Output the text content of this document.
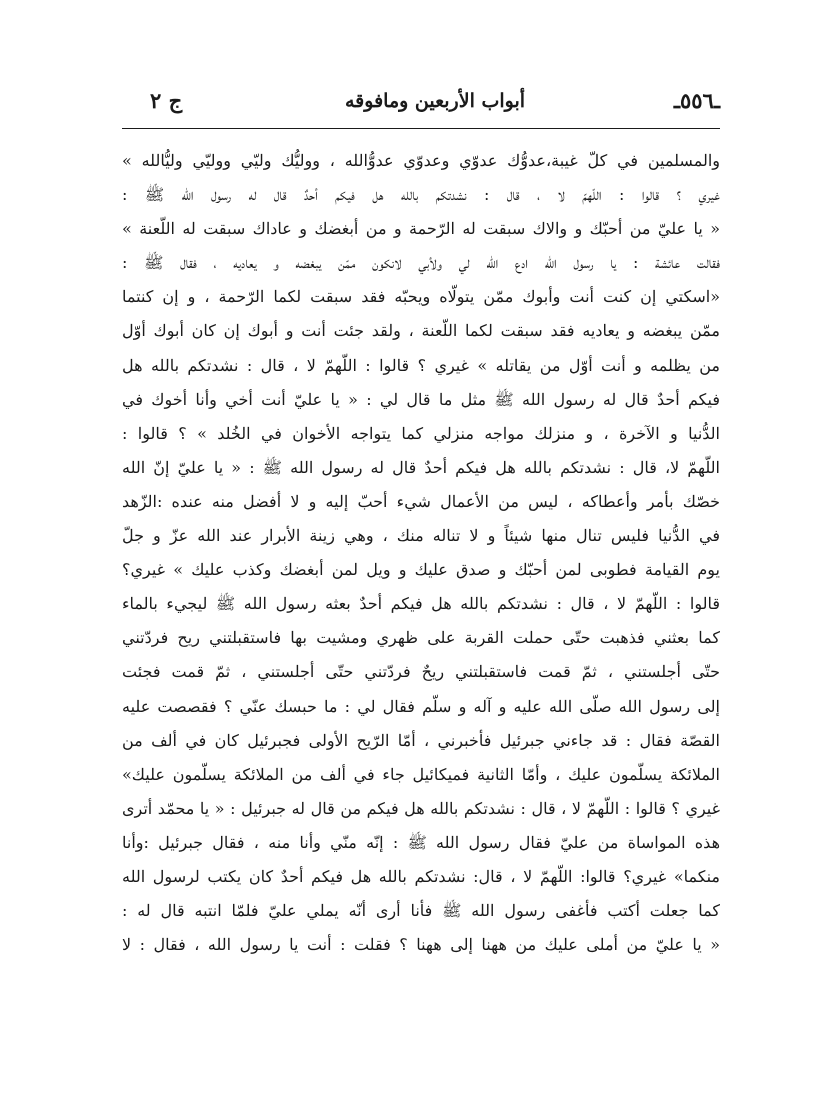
ـ٥٥٦ـ
أبواب الأربعين ومافوقه
ج ٢
والمسلمين في كلّ غيبة،عدوُّك عدوّي وعدوّي عدوُّالله ، ووليُّك وليّي ووليّي وليُّالله »
غيري ؟ قالوا : اللّهمّ لا ، قال : نشدتكم بالله هل فيكم أحدٌ قال له رسول الله ﷺ :
« يا عليّ من أحبّك و والاك سبقت له الرّحمة و من أبغضك و عاداك سبقت له اللّعنة »
فقالت عائشة : يا رسول الله ادع الله لي ولأبي لانكون ممّن يبغضه و يعاديه ، فقال ﷺ :
«اسكتي إن كنت أنت وأبوك ممّن يتولّاه ويحبّه فقد سبقت لكما الرّحمة ، و إن كنتما
ممّن يبغضه و يعاديه فقد سبقت لكما اللّعنة ، ولقد جئت أنت و أبوك إن كان أبوك أوّل
من يظلمه و أنت أوّل من يقاتله » غيري ؟ قالوا : اللّهمّ لا ، قال : نشدتكم بالله هل
فيكم أحدٌ قال له رسول الله ﷺ مثل ما قال لي : « يا عليّ أنت أخي وأنا أخوك في
الدُّنيا و الآخرة ، و منزلك مواجه منزلي كما يتواجه الأخوان في الخُلد » ؟ قالوا :
اللّهمّ لا، قال : نشدتكم بالله هل فيكم أحدٌ قال له رسول الله ﷺ : « يا عليّ إنّ الله
خصّك بأمر وأعطاكه ، ليس من الأعمال شيء أحبّ إليه و لا أفضل منه عنده :الزّهد
في الدُّنيا فليس تنال منها شيئاً و لا تناله منك ، وهي زينة الأبرار عند الله عزّ و جلّ
يوم القيامة فطوبى لمن أحبّك و صدق عليك و ويل لمن أبغضك وكذب عليك » غيري؟
قالوا : اللّهمّ لا ، قال : نشدتكم بالله هل فيكم أحدٌ بعثه رسول الله ﷺ ليجيء بالماء
كما بعثني فذهبت حتّى حملت القربة على ظهري ومشيت بها فاستقبلتني ريح فردّتني
حتّى أجلستني ، ثمّ قمت فاستقبلتني ريحٌ فردّتني حتّى أجلستني ، ثمّ قمت فجئت
إلى رسول الله صلّى الله عليه و آله و سلّم فقال لي : ما حبسك عنّي ؟ فقصصت عليه
القصّة فقال : قد جاءني جبرئيل فأخبرني ، أمّا الرّيح الأولى فجبرئيل كان في ألف من
الملائكة يسلّمون عليك ، وأمّا الثانية فميكائيل جاء في ألف من الملائكة يسلّمون عليك»
غيري ؟ قالوا : اللّهمّ لا ، قال : نشدتكم بالله هل فيكم من قال له جبرئيل : « يا محمّد أترى
هذه المواساة من عليّ فقال رسول الله ﷺ : إنّه منّي وأنا منه ، فقال جبرئيل :وأنا
منكما» غيري؟ قالوا: اللّهمّ لا ، قال: نشدتكم بالله هل فيكم أحدٌ كان يكتب لرسول الله
كما جعلت أكتب فأغفى رسول الله ﷺ فأنا أرى أنّه يملي عليّ فلمّا انتبه قال له :
« يا عليّ من أملى عليك من ههنا إلى ههنا ؟ فقلت : أنت يا رسول الله ، فقال : لا
